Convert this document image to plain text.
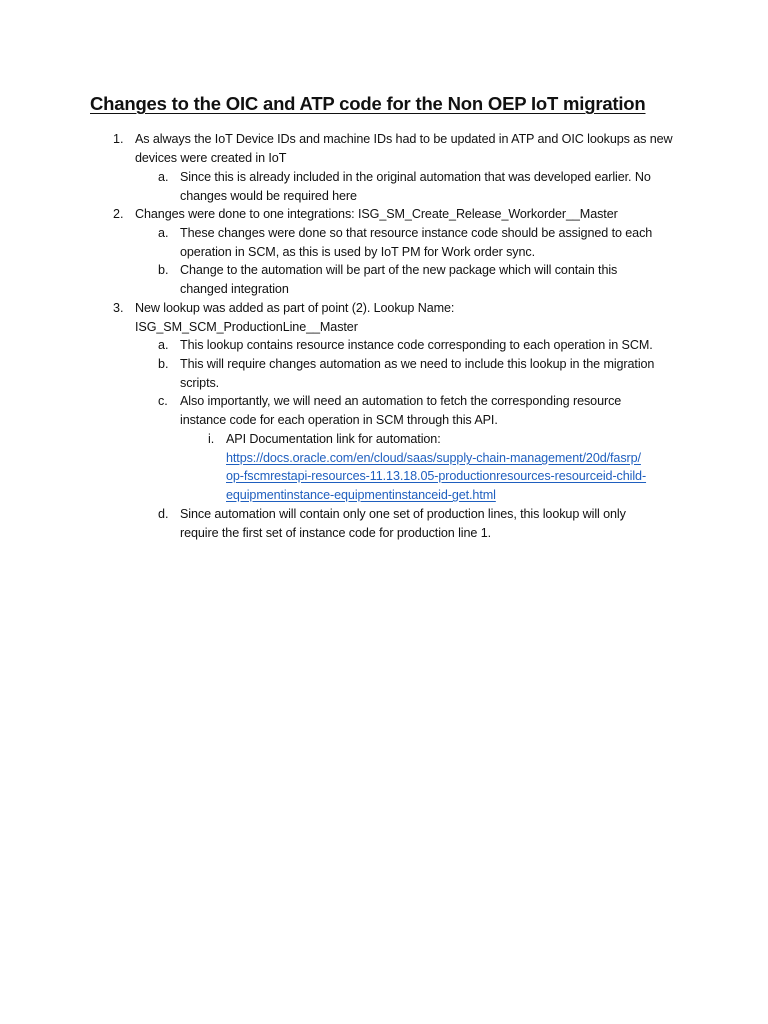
Changes to the OIC and ATP code for the Non OEP IoT migration
1. As always the IoT Device IDs and machine IDs had to be updated in ATP and OIC lookups as new
devices were created in IoT
a. Since this is already included in the original automation that was developed earlier. No
changes would be required here
2. Changes were done to one integrations: ISG_SM_Create_Release_Workorder__Master
a. These changes were done so that resource instance code should be assigned to each
operation in SCM, as this is used by IoT PM for Work order sync.
b. Change to the automation will be part of the new package which will contain this
changed integration
3. New lookup was added as part of point (2). Lookup Name:
ISG_SM_SCM_ProductionLine__Master
a. This lookup contains resource instance code corresponding to each operation in SCM.
b. This will require changes automation as we need to include this lookup in the migration
scripts.
c. Also importantly, we will need an automation to fetch the corresponding resource
instance code for each operation in SCM through this API.
i. API Documentation link for automation:
https://docs.oracle.com/en/cloud/saas/supply-chain-management/20d/fasrp/
op-fscmrestapi-resources-11.13.18.05-productionresources-resourceid-child-
equipmentinstance-equipmentinstanceid-get.html
d. Since automation will contain only one set of production lines, this lookup will only
require the first set of instance code for production line 1.
